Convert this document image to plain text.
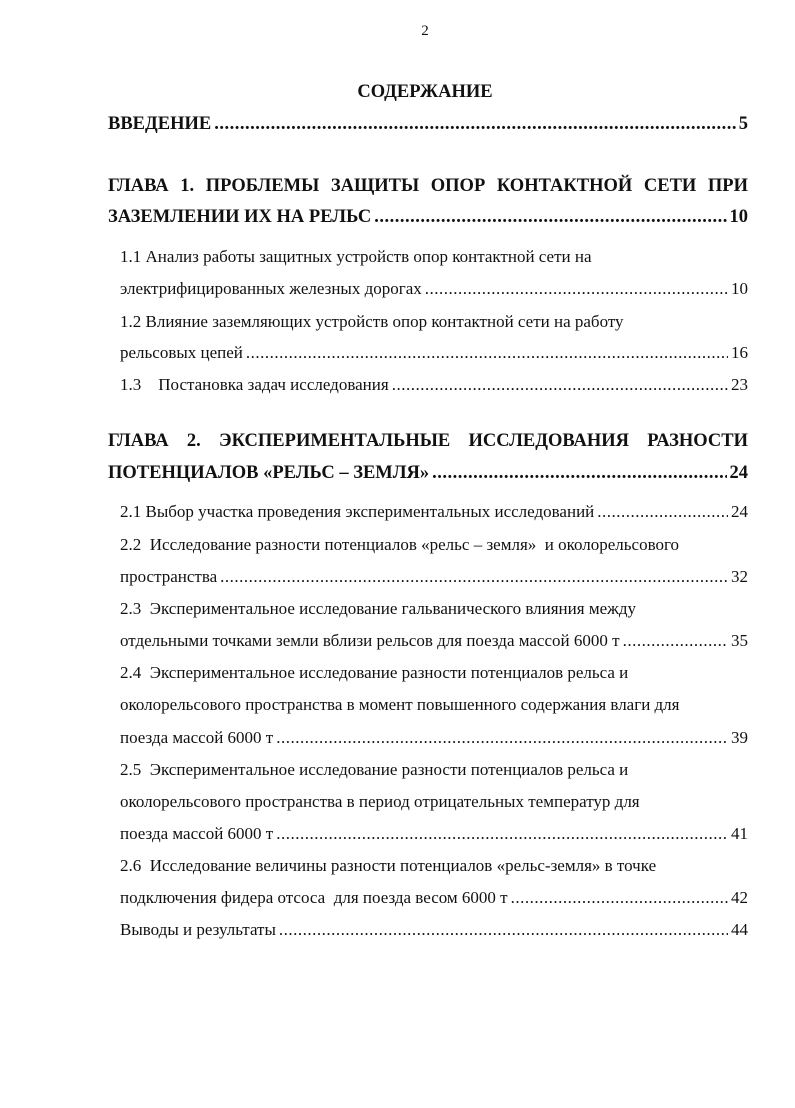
2
СОДЕРЖАНИЕ
ВВЕДЕНИЕ .....	5
ГЛАВА 1. ПРОБЛЕМЫ ЗАЩИТЫ ОПОР КОНТАКТНОЙ СЕТИ ПРИ
ЗАЗЕМЛЕНИИ ИХ НА РЕЛЬС .....	10
1.1 Анализ работы защитных устройств опор контактной сети на
электрифицированных железных дорогах .....	10
1.2 Влияние заземляющих устройств опор контактной сети на работу
рельсовых цепей .....	16
1.3    Постановка задач исследования .....	23
ГЛАВА 2. ЭКСПЕРИМЕНТАЛЬНЫЕ ИССЛЕДОВАНИЯ РАЗНОСТИ
ПОТЕНЦИАЛОВ «РЕЛЬС – ЗЕМЛЯ» .....	24
2.1 Выбор участка проведения экспериментальных исследований .....	24
2.2  Исследование разности потенциалов «рельс – земля»  и околорельсового
пространства .....	32
2.3  Экспериментальное исследование гальванического влияния между
отдельными точками земли вблизи рельсов для поезда массой 6000 т .....	35
2.4  Экспериментальное исследование разности потенциалов рельса и
околорельсового пространства в момент повышенного содержания влаги для
поезда массой 6000 т .....	39
2.5  Экспериментальное исследование разности потенциалов рельса и
околорельсового пространства в период отрицательных температур для
поезда массой 6000 т .....	41
2.6  Исследование величины разности потенциалов «рельс-земля» в точке
подключения фидера отсоса  для поезда весом 6000 т .....	42
Выводы и результаты .....	44
